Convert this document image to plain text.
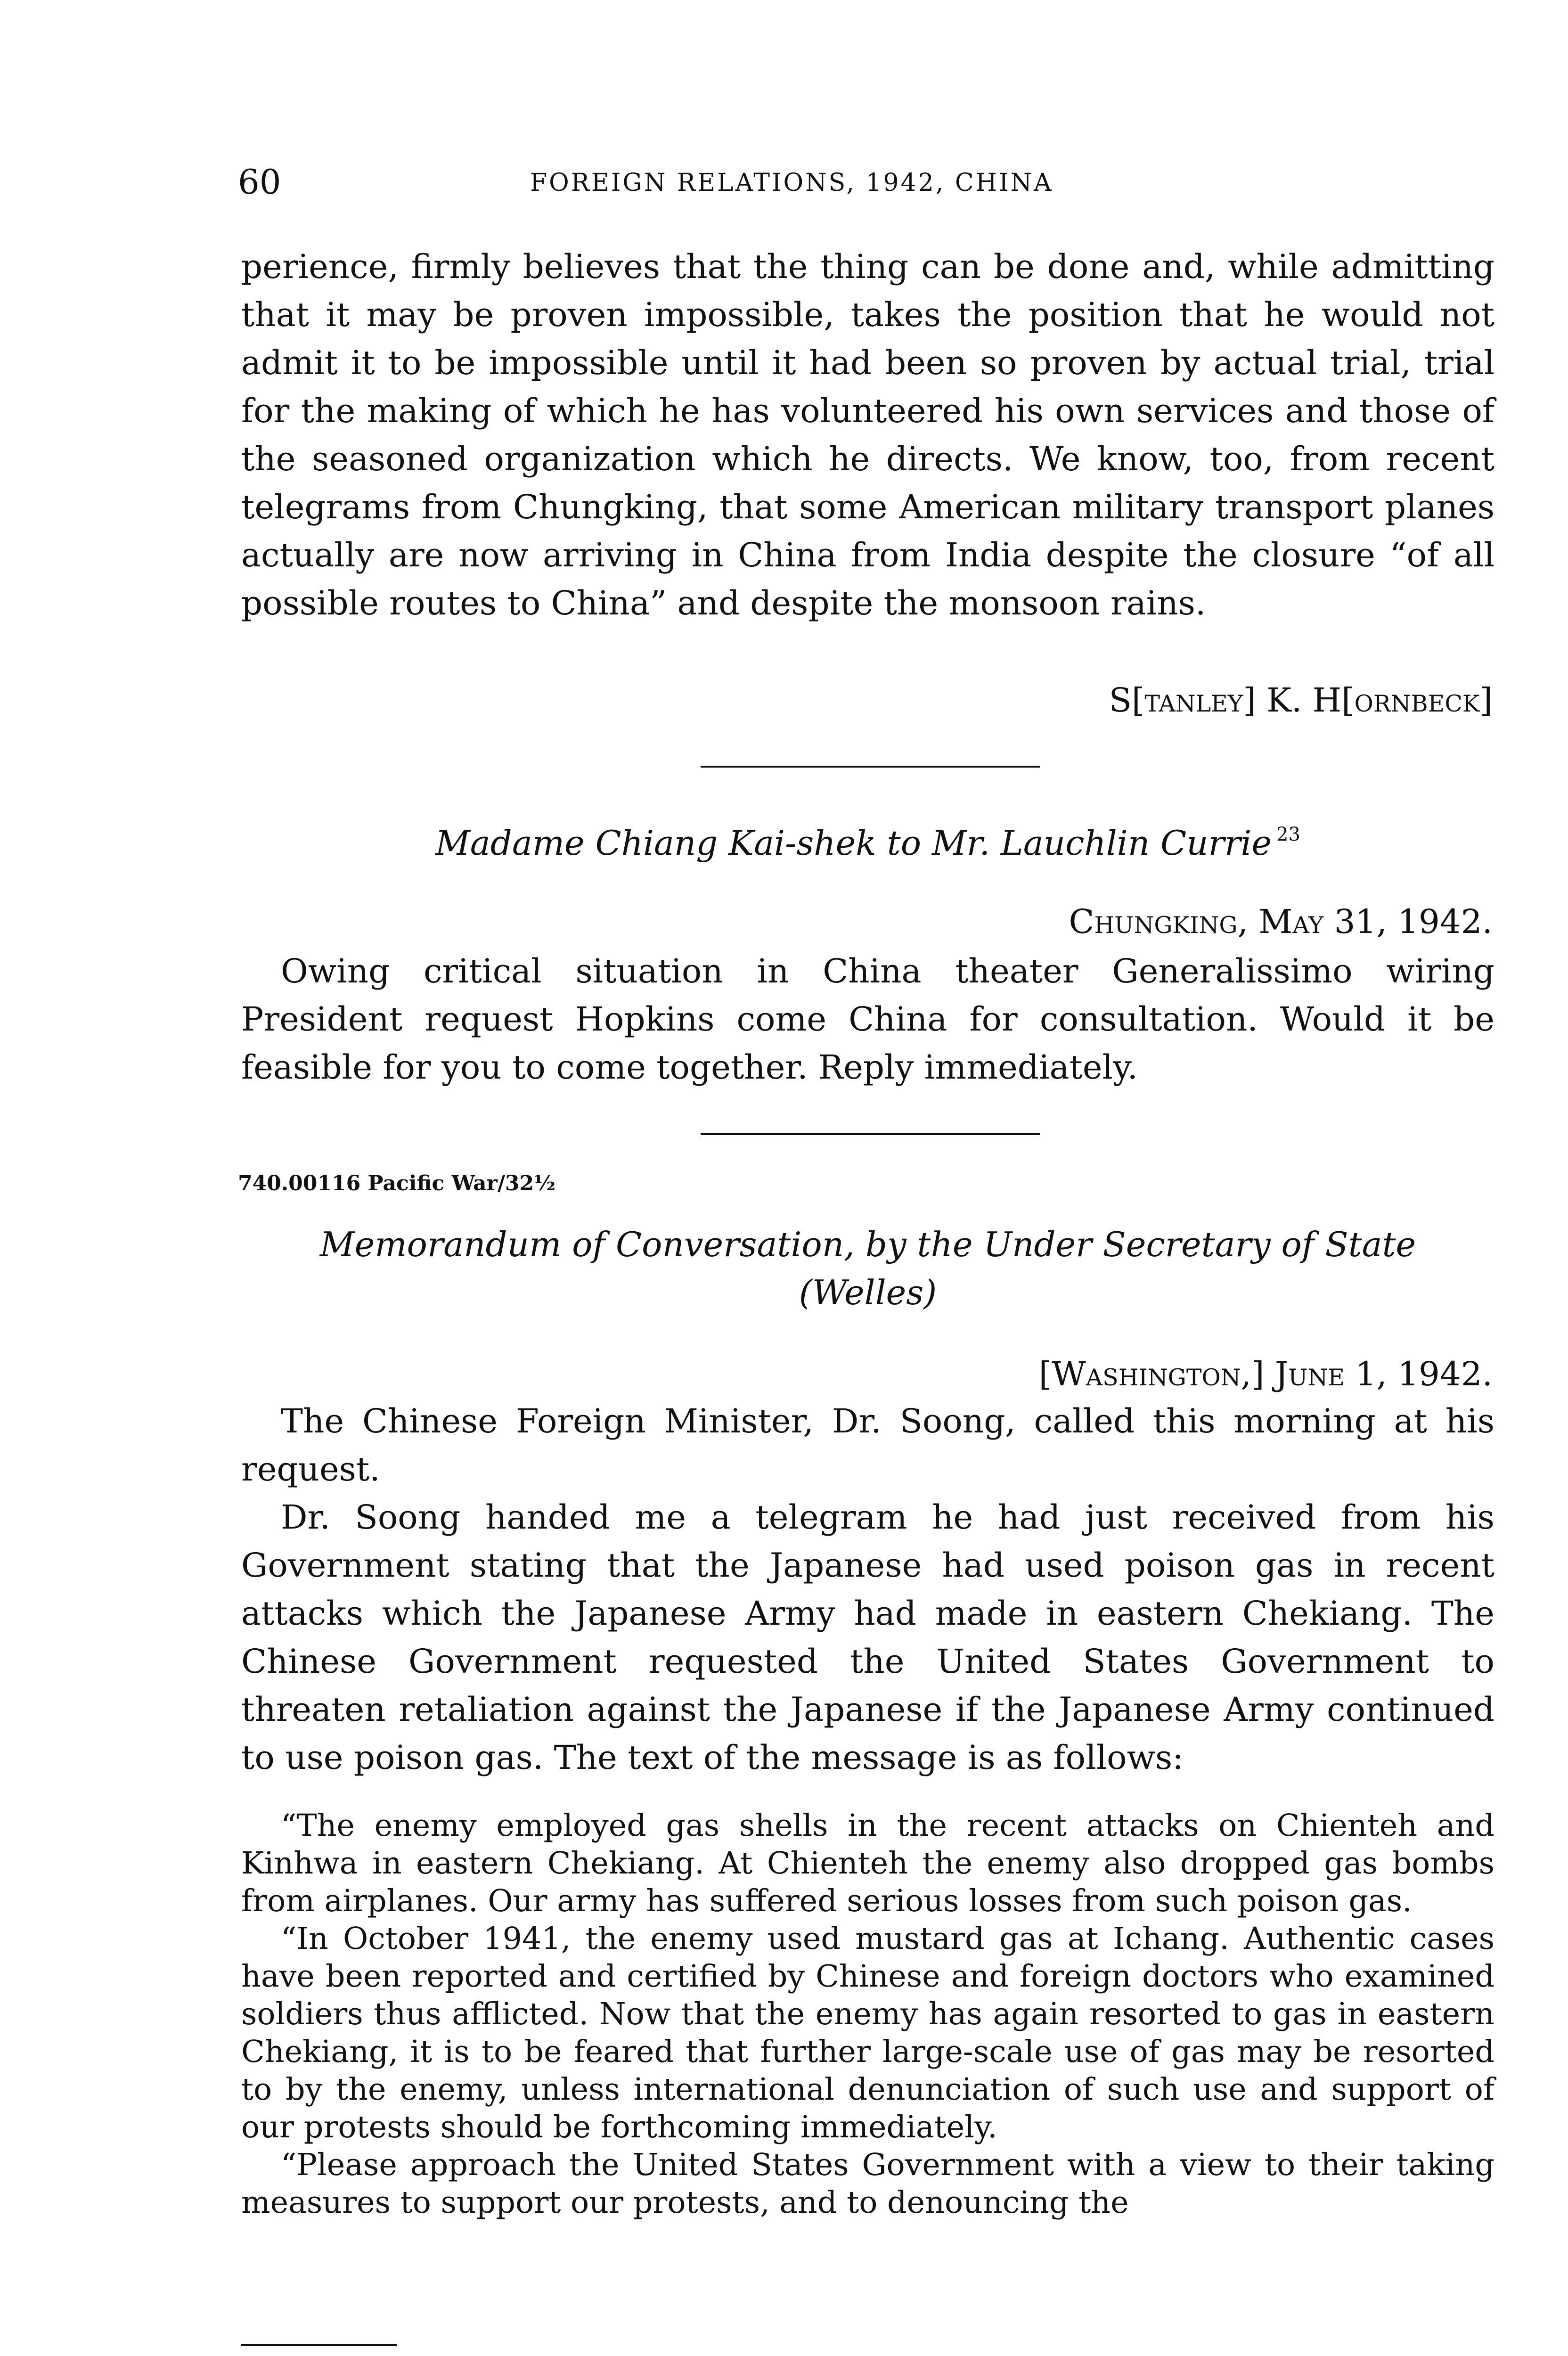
60	FOREIGN RELATIONS, 1942, CHINA

perience, firmly believes that the thing can be done and, while admitting that it may be proven impossible, takes the position that he would not admit it to be impossible until it had been so proven by actual trial, trial for the making of which he has volunteered his own services and those of the seasoned organization which he directs. We know, too, from recent telegrams from Chungking, that some American military transport planes actually are now arriving in China from India despite the closure “of all possible routes to China” and despite the monsoon rains.

S[tanley] K. H[ornbeck]
Madame Chiang Kai-shek to Mr. Lauchlin Currie $^{23}$
Chungking, May 31, 1942.

Owing critical situation in China theater Generalissimo wiring President request Hopkins come China for consultation. Would it be feasible for you to come together. Reply immediately.

740.00116 Pacific War/32½
Memorandum of Conversation, by the Under Secretary of State
(Welles)
[Washington,] June 1, 1942.

The Chinese Foreign Minister, Dr. Soong, called this morning at his request.

Dr. Soong handed me a telegram he had just received from his Government stating that the Japanese had used poison gas in recent attacks which the Japanese Army had made in eastern Chekiang. The Chinese Government requested the United States Government to threaten retaliation against the Japanese if the Japanese Army continued to use poison gas. The text of the message is as follows:

“The enemy employed gas shells in the recent attacks on Chienteh and Kinhwa in eastern Chekiang. At Chienteh the enemy also dropped gas bombs from airplanes. Our army has suffered serious losses from such poison gas.

“In October 1941, the enemy used mustard gas at Ichang. Authentic cases have been reported and certified by Chinese and foreign doctors who examined soldiers thus afflicted. Now that the enemy has again resorted to gas in eastern Chekiang, it is to be feared that further large-scale use of gas may be resorted to by the enemy, unless international denunciation of such use and support of our protests should be forthcoming immediately.

“Please approach the United States Government with a view to their taking measures to support our protests, and to denouncing the
